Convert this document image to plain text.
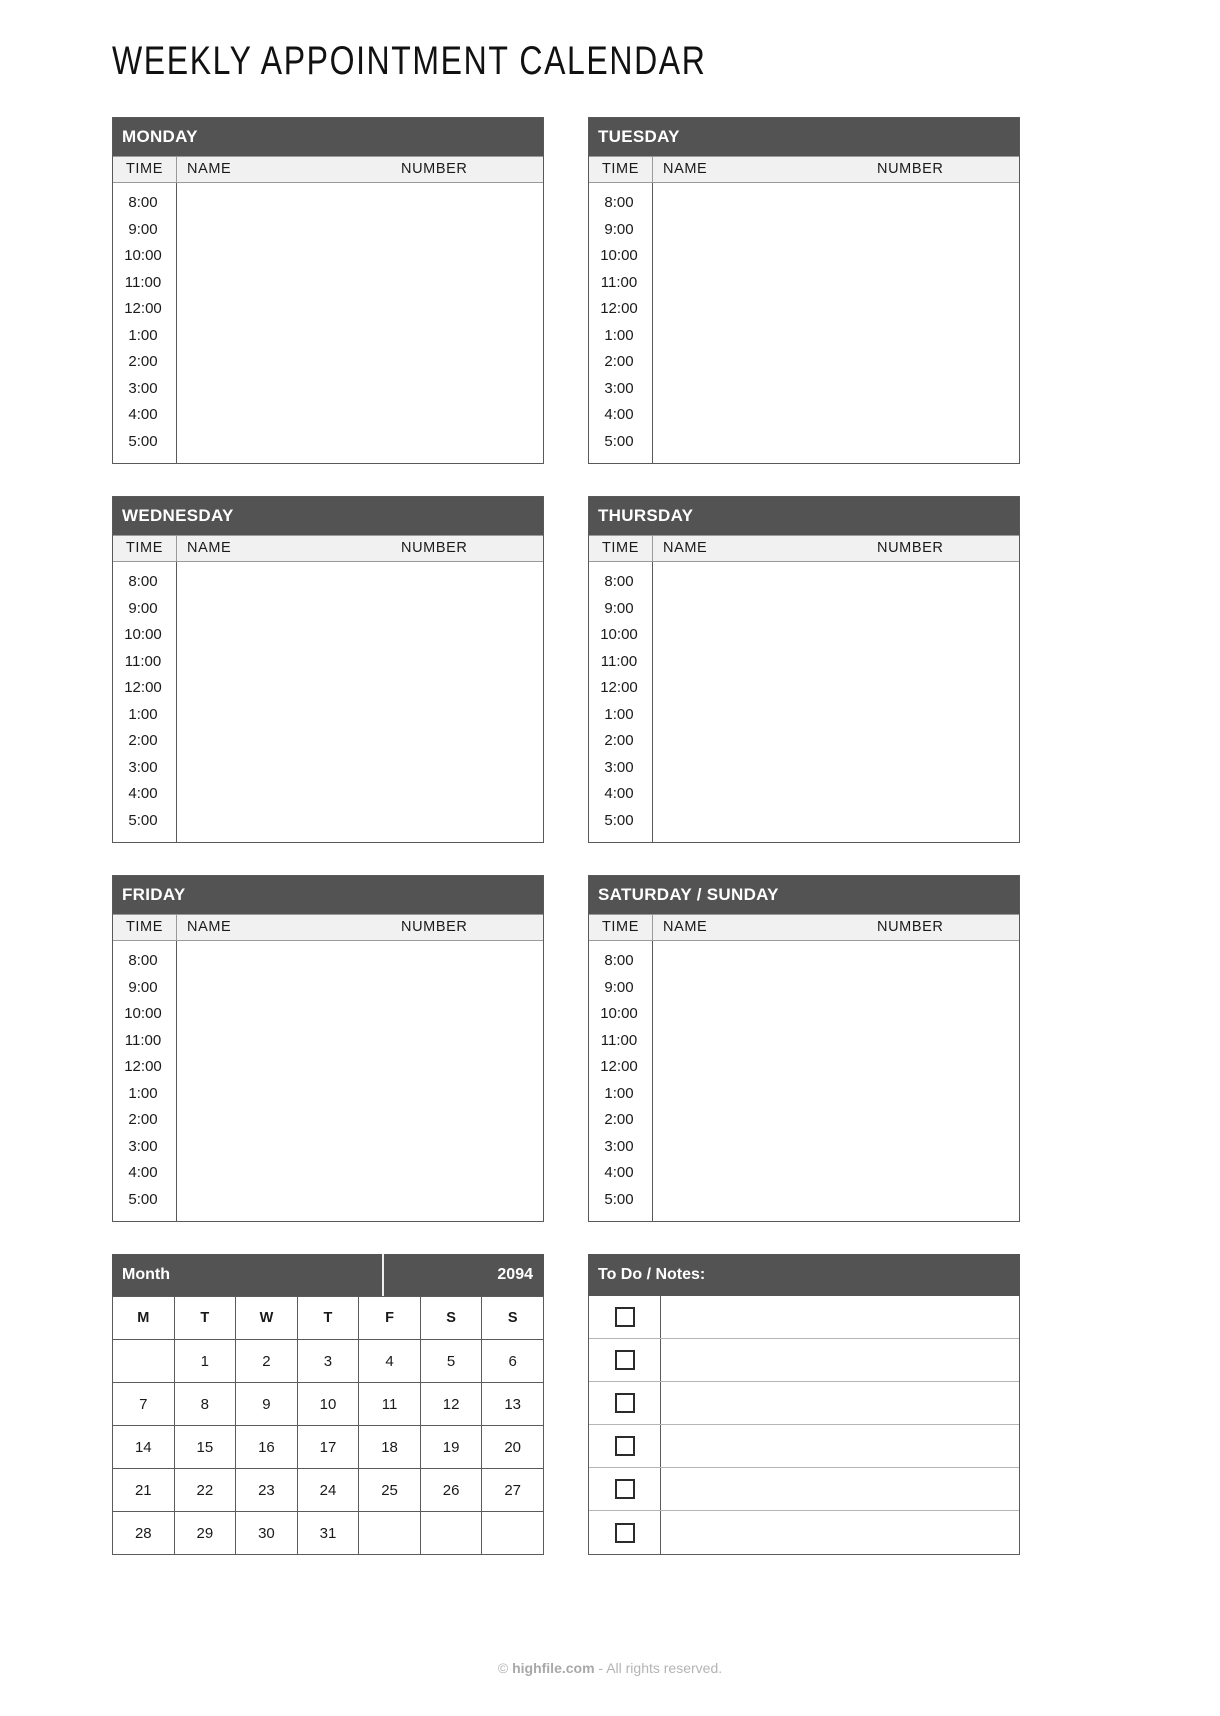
WEEKLY APPOINTMENT CALENDAR
MONDAY
TIME	NAME	NUMBER
8:00
9:00
10:00
11:00
12:00
1:00
2:00
3:00
4:00
5:00
TUESDAY
TIME	NAME	NUMBER
8:00
9:00
10:00
11:00
12:00
1:00
2:00
3:00
4:00
5:00
WEDNESDAY
TIME	NAME	NUMBER
8:00
9:00
10:00
11:00
12:00
1:00
2:00
3:00
4:00
5:00
THURSDAY
TIME	NAME	NUMBER
8:00
9:00
10:00
11:00
12:00
1:00
2:00
3:00
4:00
5:00
FRIDAY
TIME	NAME	NUMBER
8:00
9:00
10:00
11:00
12:00
1:00
2:00
3:00
4:00
5:00
SATURDAY / SUNDAY
TIME	NAME	NUMBER
8:00
9:00
10:00
11:00
12:00
1:00
2:00
3:00
4:00
5:00
Month	2094
M	T	W	T	F	S	S
	1	2	3	4	5	6
7	8	9	10	11	12	13
14	15	16	17	18	19	20
21	22	23	24	25	26	27
28	29	30	31			
To Do / Notes:
© highfile.com - All rights reserved.
